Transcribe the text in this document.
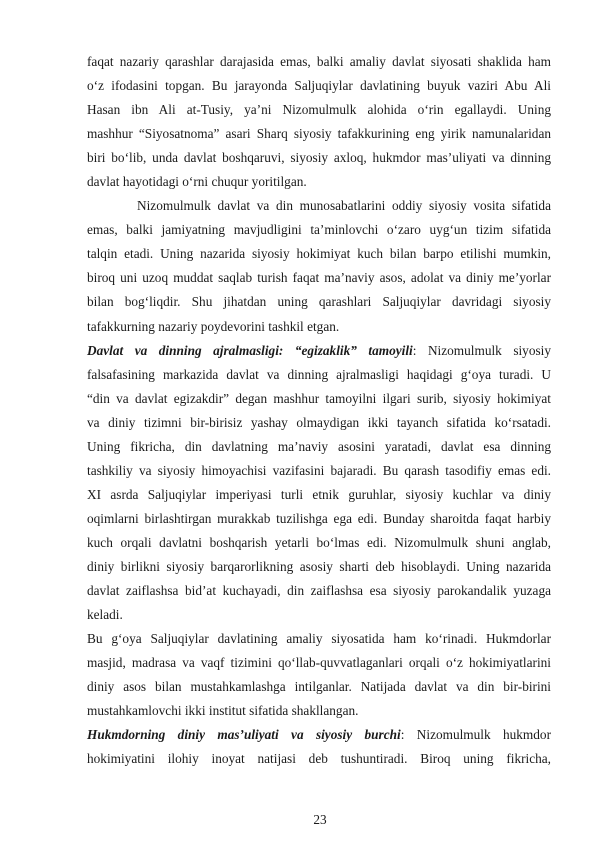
faqat nazariy qarashlar darajasida emas, balki amaliy davlat siyosati shaklida ham
o‘z ifodasini topgan. Bu jarayonda Saljuqiylar davlatining buyuk vaziri Abu Ali
Hasan ibn Ali at-Tusiy, ya’ni Nizomulmulk alohida o‘rin egallaydi. Uning
mashhur “Siyosatnoma” asari Sharq siyosiy tafakkurining eng yirik namunalaridan
biri bo‘lib, unda davlat boshqaruvi, siyosiy axloq, hukmdor mas’uliyati va dinning
davlat hayotidagi o‘rni chuqur yoritilgan.
Nizomulmulk davlat va din munosabatlarini oddiy siyosiy vosita sifatida
emas, balki jamiyatning mavjudligini ta’minlovchi o‘zaro uyg‘un tizim sifatida
talqin etadi. Uning nazarida siyosiy hokimiyat kuch bilan barpo etilishi mumkin,
biroq uni uzoq muddat saqlab turish faqat ma’naviy asos, adolat va diniy me’yorlar
bilan bog‘liqdir. Shu jihatdan uning qarashlari Saljuqiylar davridagi siyosiy
tafakkurning nazariy poydevorini tashkil etgan.
Davlat va dinning ajralmasligi: “egizaklik” tamoyili: Nizomulmulk siyosiy
falsafasining markazida davlat va dinning ajralmasligi haqidagi g‘oya turadi. U
“din va davlat egizakdir” degan mashhur tamoyilni ilgari surib, siyosiy hokimiyat
va diniy tizimni bir-birisiz yashay olmaydigan ikki tayanch sifatida ko‘rsatadi.
Uning fikricha, din davlatning ma’naviy asosini yaratadi, davlat esa dinning
tashkiliy va siyosiy himoyachisi vazifasini bajaradi. Bu qarash tasodifiy emas edi.
XI asrda Saljuqiylar imperiyasi turli etnik guruhlar, siyosiy kuchlar va diniy
oqimlarni birlashtirgan murakkab tuzilishga ega edi. Bunday sharoitda faqat harbiy
kuch orqali davlatni boshqarish yetarli bo‘lmas edi. Nizomulmulk shuni anglab,
diniy birlikni siyosiy barqarorlikning asosiy sharti deb hisoblaydi. Uning nazarida
davlat zaiflashsa bid’at kuchayadi, din zaiflashsa esa siyosiy parokandalik yuzaga
keladi.
Bu g‘oya Saljuqiylar davlatining amaliy siyosatida ham ko‘rinadi. Hukmdorlar
masjid, madrasa va vaqf tizimini qo‘llab-quvvatlaganlari orqali o‘z hokimiyatlarini
diniy asos bilan mustahkamlashga intilganlar. Natijada davlat va din bir-birini
mustahkamlovchi ikki institut sifatida shakllangan.
Hukmdorning diniy mas’uliyati va siyosiy burchi: Nizomulmulk hukmdor
hokimiyatini ilohiy inoyat natijasi deb tushuntiradi. Biroq uning fikricha,
23
